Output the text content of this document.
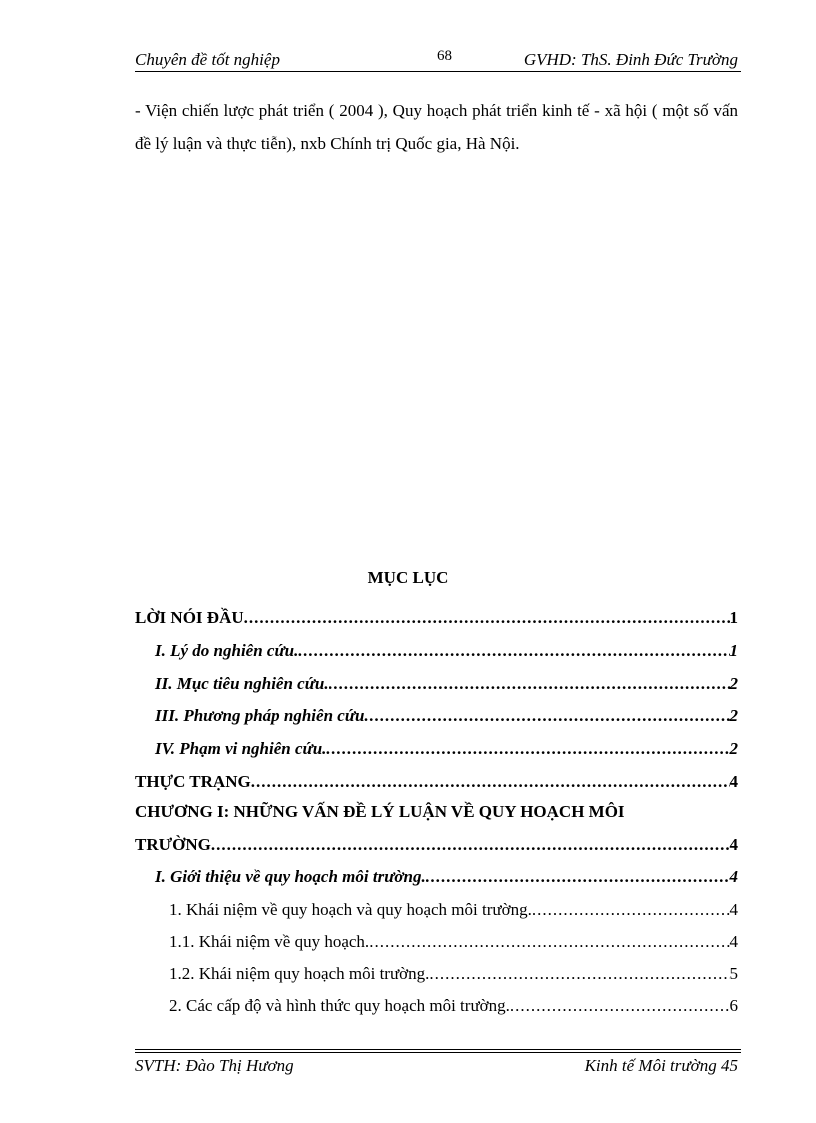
Chuyên đề tốt nghiệp	68	GVHD: ThS. Đinh Đức Trường
- Viện chiến lược phát triển ( 2004 ), Quy hoạch phát triển kinh tế - xã hội ( một số vấn đề lý luận và thực tiễn), nxb Chính trị Quốc gia, Hà Nội.
MỤC LỤC
LỜI NÓI ĐẦU .....	1
I. Lý do nghiên cứu. .....	1
II. Mục tiêu nghiên cứu. .....	2
III. Phương pháp nghiên cứu .....	2
IV. Phạm vi nghiên cứu. .....	2
THỰC TRẠNG .....	4
CHƯƠNG I: NHỮNG VẤN ĐỀ LÝ LUẬN VỀ QUY HOẠCH MÔI
TRƯỜNG .....	4
I. Giới thiệu về quy hoạch môi trường. .....	4
1. Khái niệm về quy hoạch và quy hoạch môi trường. .....	4
1.1. Khái niệm về quy hoạch. .....	4
1.2. Khái niệm quy hoạch môi trường. .....	5
2. Các cấp độ và hình thức quy hoạch môi trường. .....	6
SVTH: Đào Thị Hương	Kinh tế Môi trường 45
